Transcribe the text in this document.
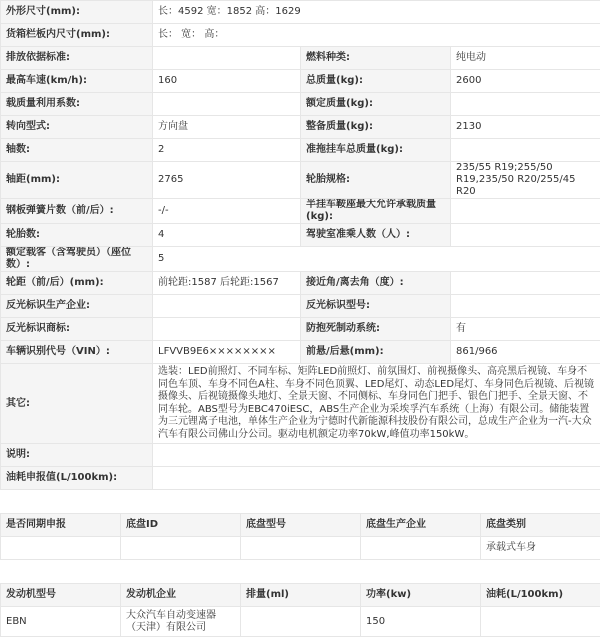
外形尺寸(mm):	长：4592 宽：1852 高：1629		
货箱栏板内尺寸(mm):	长： 宽： 高：		
排放依据标准:		燃料种类:	纯电动
最高车速(km/h):	160	总质量(kg):	2600
载质量利用系数:		额定质量(kg):	
转向型式:	方向盘	整备质量(kg):	2130
轴数:	2	准拖挂车总质量(kg):	
轴距(mm):	2765	轮胎规格:	235/55 R19;255/50 R19,235/50 R20/255/45 R20
钢板弹簧片数（前/后）:	-/-	半挂车鞍座最大允许承载质量(kg):	
轮胎数:	4	驾驶室准乘人数（人）:	
额定载客（含驾驶员）（座位数）:	5		
轮距（前/后）(mm):	前轮距:1587 后轮距:1567	接近角/离去角（度）:	
反光标识生产企业:		反光标识型号:	
反光标识商标:		防抱死制动系统:	有
车辆识别代号（VIN）:	LFVVB9E6××××××××	前悬/后悬(mm):	861/966
其它:	选装：LED前照灯、不同车标、矩阵LED前照灯、前氛围灯、前视摄像头、高亮黑后视镜、车身不同色车顶、车身不同色A柱、车身不同色顶翼、LED尾灯、动态LED尾灯、车身同色后视镜、后视镜摄像头、后视镜摄像头地灯、全景天窗、不同侧标、车身同色门把手、银色门把手、全景天窗、不同车轮。ABS型号为EBC470iESC，ABS生产企业为采埃孚汽车系统（上海）有限公司。储能装置为三元锂离子电池，单体生产企业为宁德时代新能源科技股份有限公司，总成生产企业为一汽-大众汽车有限公司佛山分公司。驱动电机额定功率70kW,峰值功率150kW。		
说明:			
油耗申报值(L/100km):			
是否同期申报	底盘ID	底盘型号	底盘生产企业	底盘类别
				承载式车身
发动机型号	发动机企业	排量(ml)	功率(kw)	油耗(L/100km)
EBN	大众汽车自动变速器（天津）有限公司		150	
